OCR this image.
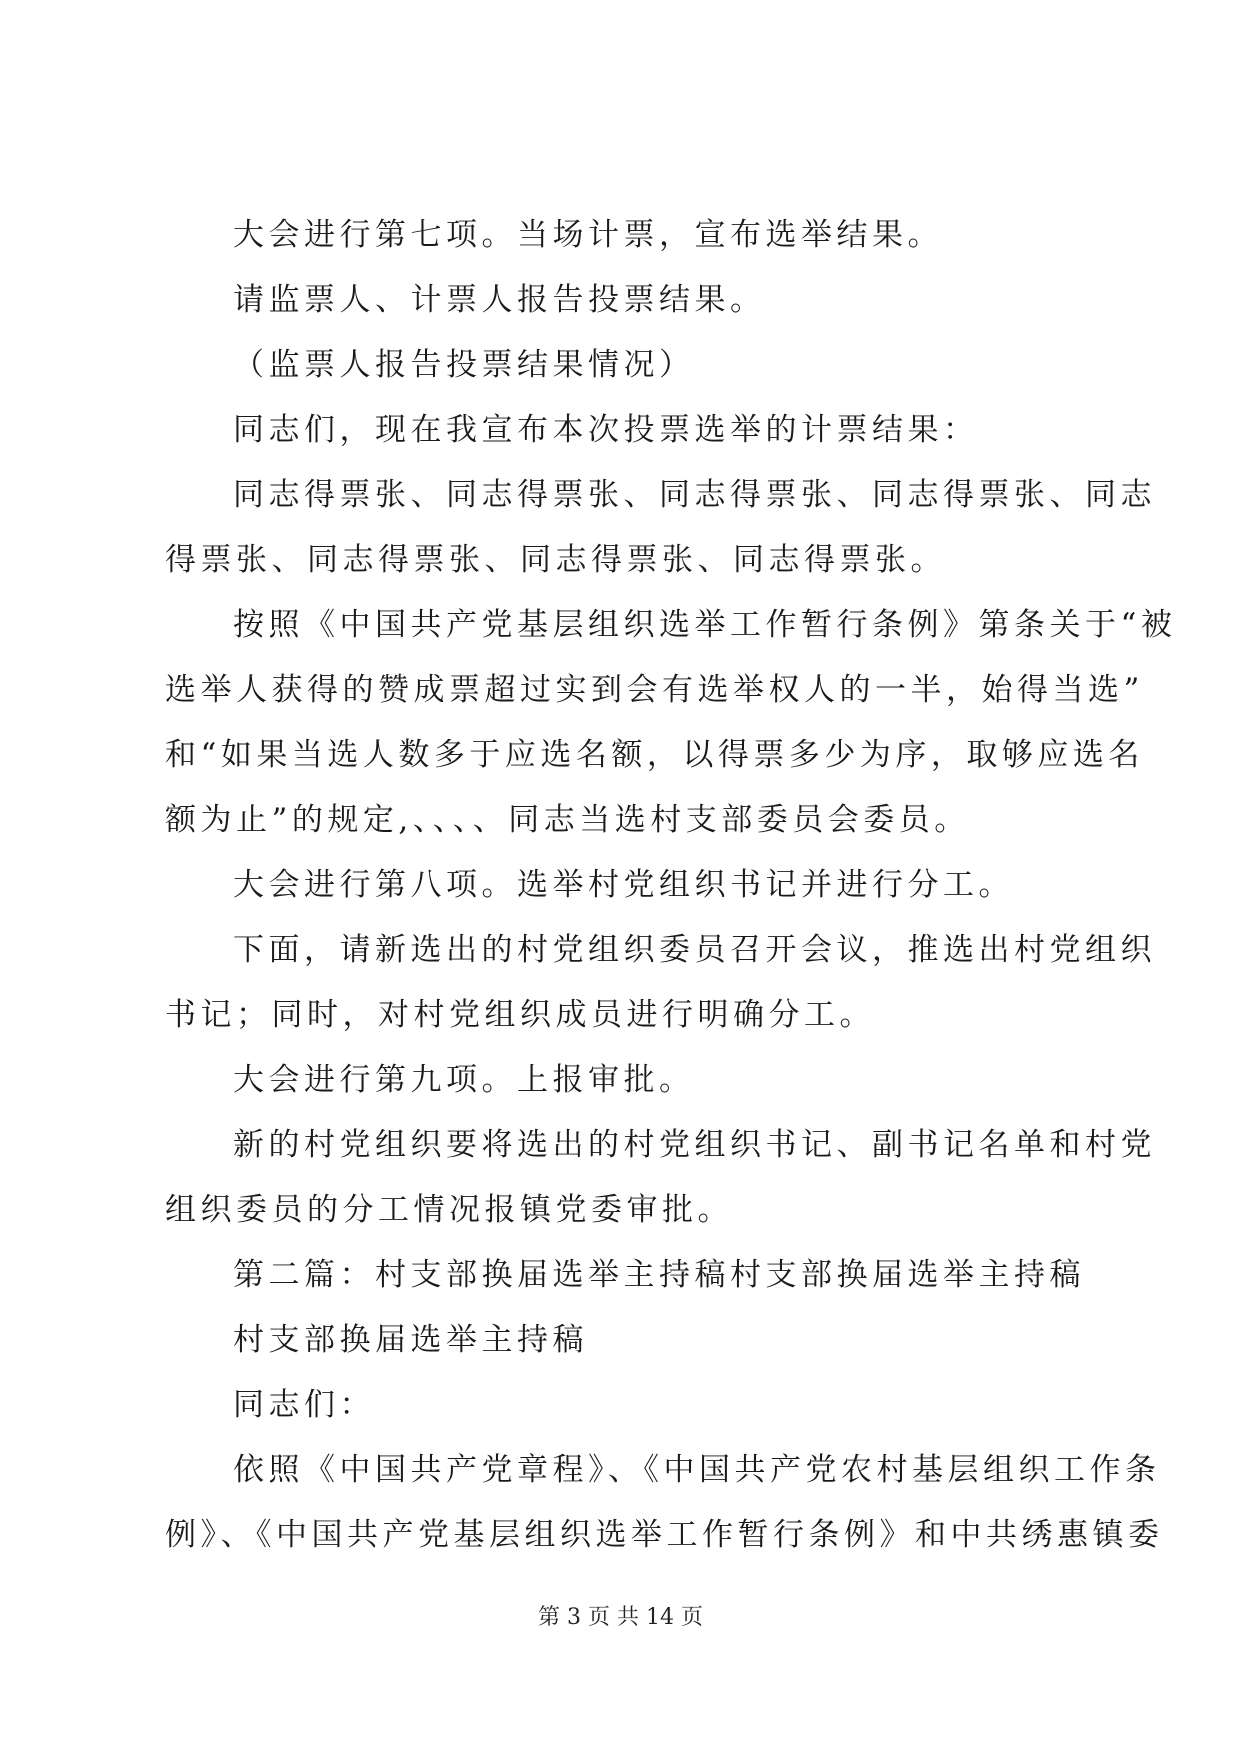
大会进行第七项。当场计票，宣布选举结果。
请监票人、计票人报告投票结果。
（监票人报告投票结果情况）
同志们，现在我宣布本次投票选举的计票结果：
同志得票张、同志得票张、同志得票张、同志得票张、同志
得票张、同志得票张、同志得票张、同志得票张。
按照《中国共产党基层组织选举工作暂行条例》第条关于“被
选举人获得的赞成票超过实到会有选举权人的一半，始得当选”
和“如果当选人数多于应选名额，以得票多少为序，取够应选名
额为止”的规定,、、、、同志当选村支部委员会委员。
大会进行第八项。选举村党组织书记并进行分工。
下面，请新选出的村党组织委员召开会议，推选出村党组织
书记；同时，对村党组织成员进行明确分工。
大会进行第九项。上报审批。
新的村党组织要将选出的村党组织书记、副书记名单和村党
组织委员的分工情况报镇党委审批。
第二篇：村支部换届选举主持稿村支部换届选举主持稿
村支部换届选举主持稿
同志们：
依照《中国共产党章程》、《中国共产党农村基层组织工作条
例》、《中国共产党基层组织选举工作暂行条例》和中共绣惠镇委
第 3 页 共 14 页
